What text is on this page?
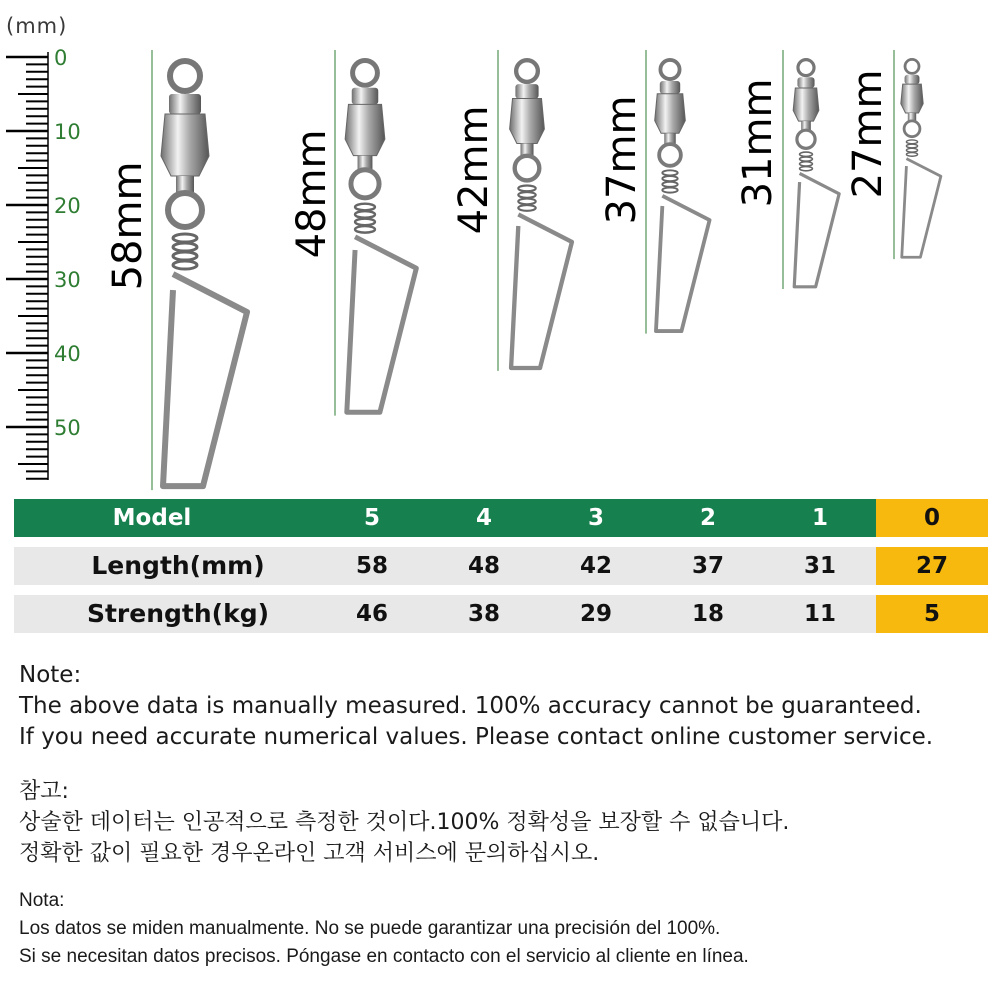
0
10
20
30
40
50
(mm)
58mm	48mm	42mm	37mm 31mm 27mm
Model	5	4	3	2	1	0
Length(mm)	58	48	42	37	31	27
Strength(kg)	46	38	29	18	11	5
Note:
The above data is manually measured. 100% accuracy cannot be guaranteed.
If you need accurate numerical values. Please contact online customer service.
참고:
상술한 데이터는 인공적으로 측정한 것이다.100% 정확성을 보장할 수 없습니다.
정확한 값이 필요한 경우온라인 고객 서비스에 문의하십시오.
Nota:
Los datos se miden manualmente. No se puede garantizar una precisión del 100%.
Si se necesitan datos precisos. Póngase en contacto con el servicio al cliente en línea.
